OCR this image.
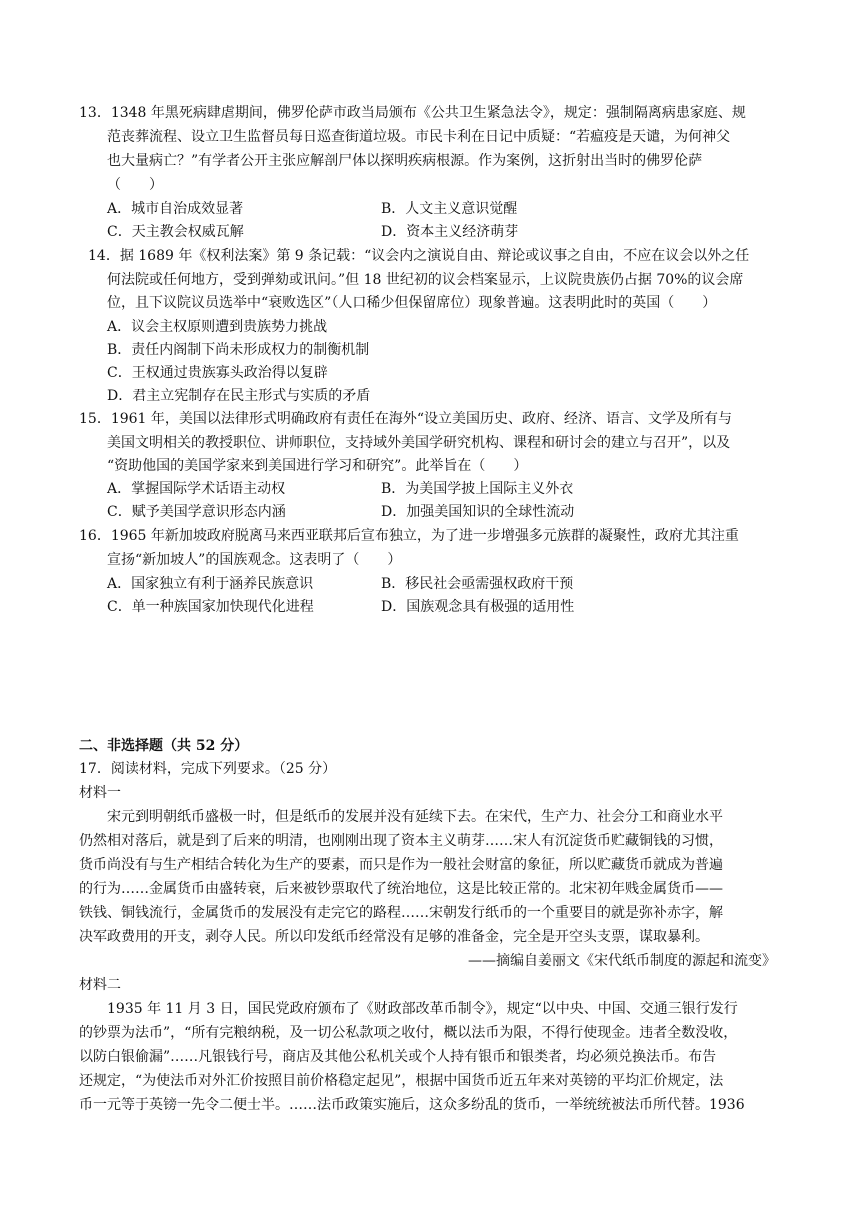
13．1348 年黑死病肆虐期间，佛罗伦萨市政当局颁布《公共卫生紧急法令》，规定：强制隔离病患家庭、规
范丧葬流程、设立卫生监督员每日巡查街道垃圾。市民卡利在日记中质疑：“若瘟疫是天谴，为何神父
也大量病亡？”有学者公开主张应解剖尸体以探明疾病根源。作为案例，这折射出当时的佛罗伦萨
（　　）
A．城市自治成效显著	B．人文主义意识觉醒
C．天主教会权威瓦解	D．资本主义经济萌芽
14．据 1689 年《权利法案》第 9 条记载：“议会内之演说自由、辩论或议事之自由，不应在议会以外之任
何法院或任何地方，受到弹劾或讯问。”但 18 世纪初的议会档案显示，上议院贵族仍占据 70%的议会席
位，且下议院议员选举中“衰败选区”（人口稀少但保留席位）现象普遍。这表明此时的英国（　　）
A．议会主权原则遭到贵族势力挑战
B．责任内阁制下尚未形成权力的制衡机制
C．王权通过贵族寡头政治得以复辟
D．君主立宪制存在民主形式与实质的矛盾
15．1961 年，美国以法律形式明确政府有责任在海外“设立美国历史、政府、经济、语言、文学及所有与
美国文明相关的教授职位、讲师职位，支持域外美国学研究机构、课程和研讨会的建立与召开”，以及
“资助他国的美国学家来到美国进行学习和研究”。此举旨在（　　）
A．掌握国际学术话语主动权	B．为美国学披上国际主义外衣
C．赋予美国学意识形态内涵	D．加强美国知识的全球性流动
16．1965 年新加坡政府脱离马来西亚联邦后宣布独立，为了进一步增强多元族群的凝聚性，政府尤其注重
宣扬“新加坡人”的国族观念。这表明了（　　）
A．国家独立有利于涵养民族意识	B．移民社会亟需强权政府干预
C．单一种族国家加快现代化进程	D．国族观念具有极强的适用性
二、非选择题（共 52 分）
17．阅读材料，完成下列要求。（25 分）
材料一
宋元到明朝纸币盛极一时，但是纸币的发展并没有延续下去。在宋代，生产力、社会分工和商业水平
仍然相对落后，就是到了后来的明清，也刚刚出现了资本主义萌芽……宋人有沉淀货币贮藏铜钱的习惯，
货币尚没有与生产相结合转化为生产的要素，而只是作为一般社会财富的象征，所以贮藏货币就成为普遍
的行为……金属货币由盛转衰，后来被钞票取代了统治地位，这是比较正常的。北宋初年贱金属货币——
铁钱、铜钱流行，金属货币的发展没有走完它的路程……宋朝发行纸币的一个重要目的就是弥补赤字，解
决军政费用的开支，剥夺人民。所以印发纸币经常没有足够的准备金，完全是开空头支票，谋取暴利。
——摘编自姜丽文《宋代纸币制度的源起和流变》
材料二
1935 年 11 月 3 日，国民党政府颁布了《财政部改革币制令》，规定“以中央、中国、交通三银行发行
的钞票为法币”，“所有完粮纳税，及一切公私款项之收付，概以法币为限，不得行使现金。违者全数没收，
以防白银偷漏”……凡银钱行号，商店及其他公私机关或个人持有银币和银类者，均必须兑换法币。布告
还规定，“为使法币对外汇价按照目前价格稳定起见”，根据中国货币近五年来对英镑的平均汇价规定，法
币一元等于英镑一先令二便士半。……法币政策实施后，这众多纷乱的货币，一举统统被法币所代替。1936
